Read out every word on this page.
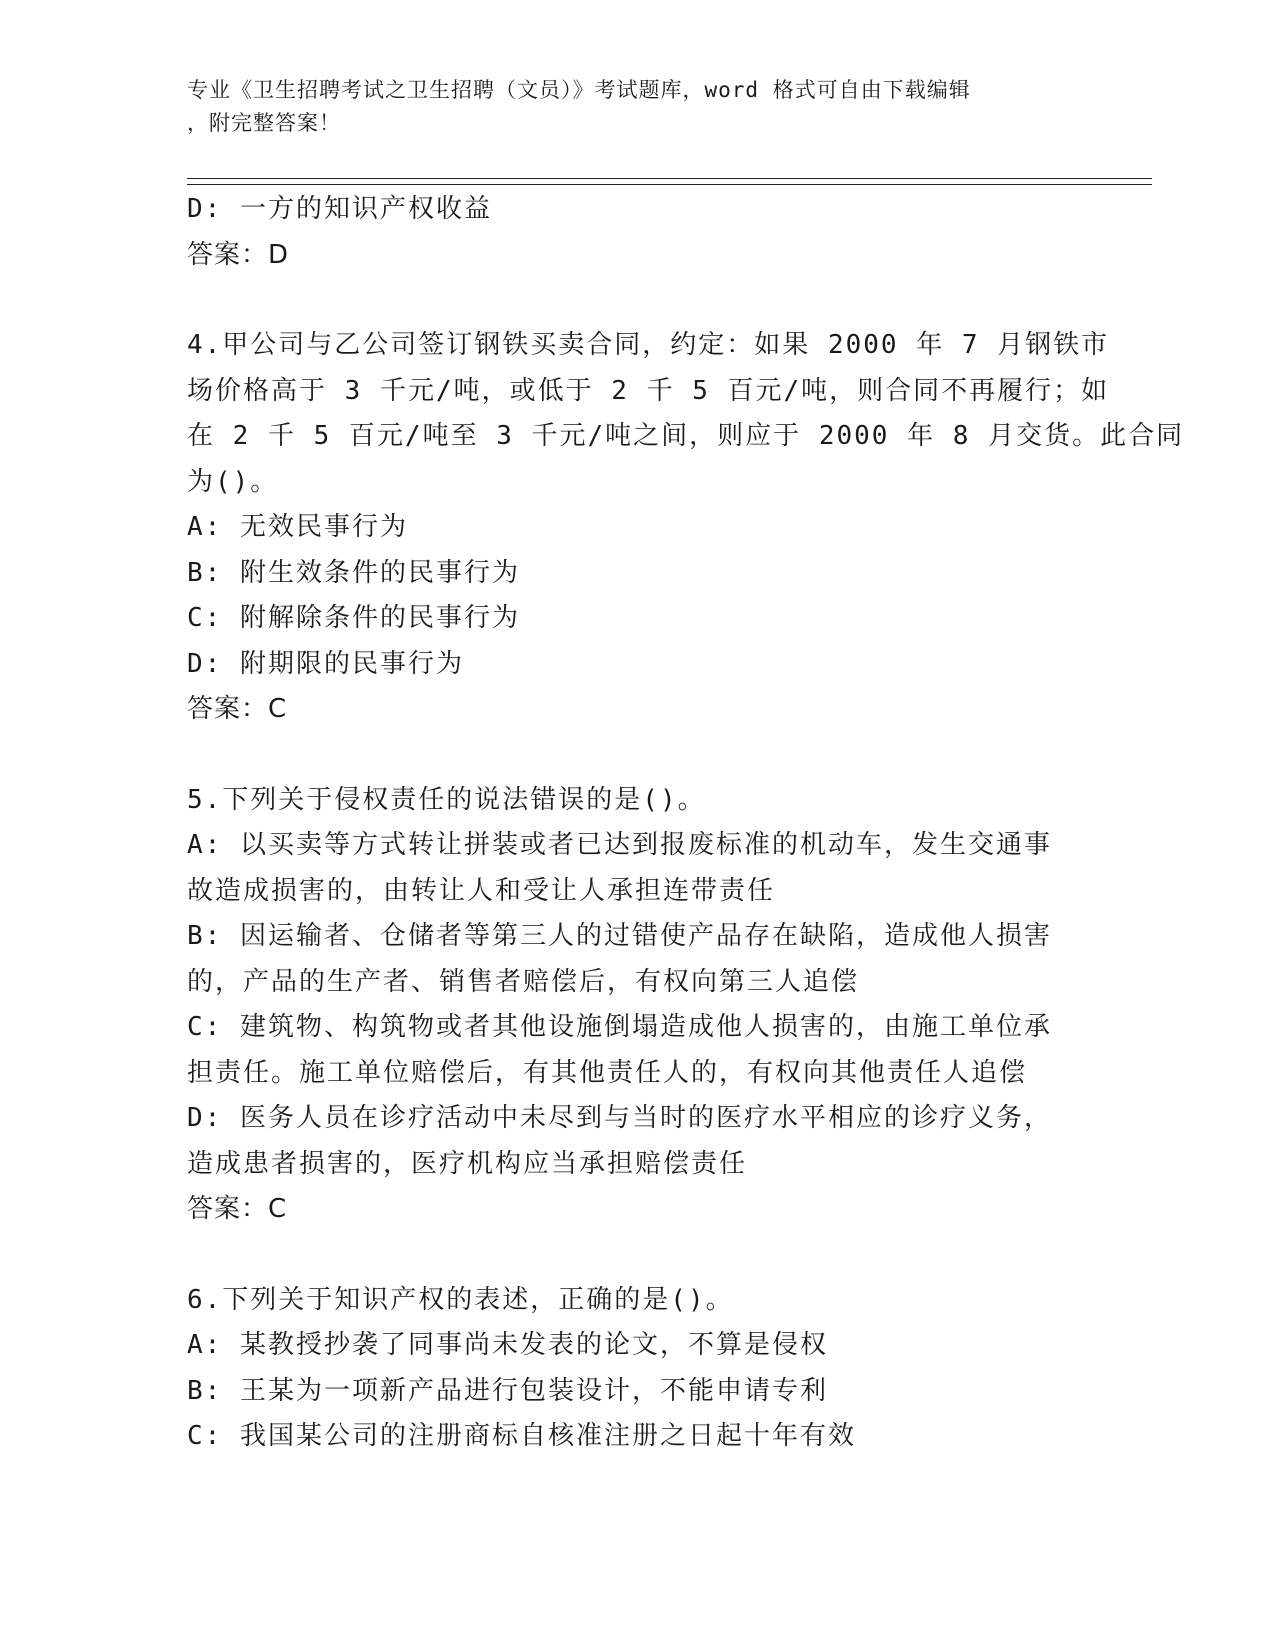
专业《卫生招聘考试之卫生招聘（文员）》考试题库，word 格式可自由下载编辑
，附完整答案！
D: 一方的知识产权收益
答案：D
4.甲公司与乙公司签订钢铁买卖合同，约定：如果 2000 年 7 月钢铁市
场价格高于 3 千元/吨，或低于 2 千 5 百元/吨，则合同不再履行；如
在 2 千 5 百元/吨至 3 千元/吨之间，则应于 2000 年 8 月交货。此合同
为()。
A: 无效民事行为
B: 附生效条件的民事行为
C: 附解除条件的民事行为
D: 附期限的民事行为
答案：C
5.下列关于侵权责任的说法错误的是()。
A: 以买卖等方式转让拼装或者已达到报废标准的机动车，发生交通事
故造成损害的，由转让人和受让人承担连带责任
B: 因运输者、仓储者等第三人的过错使产品存在缺陷，造成他人损害
的，产品的生产者、销售者赔偿后，有权向第三人追偿
C: 建筑物、构筑物或者其他设施倒塌造成他人损害的，由施工单位承
担责任。施工单位赔偿后，有其他责任人的，有权向其他责任人追偿
D: 医务人员在诊疗活动中未尽到与当时的医疗水平相应的诊疗义务，
造成患者损害的，医疗机构应当承担赔偿责任
答案：C
6.下列关于知识产权的表述，正确的是()。
A: 某教授抄袭了同事尚未发表的论文，不算是侵权
B: 王某为一项新产品进行包装设计，不能申请专利
C: 我国某公司的注册商标自核准注册之日起十年有效
